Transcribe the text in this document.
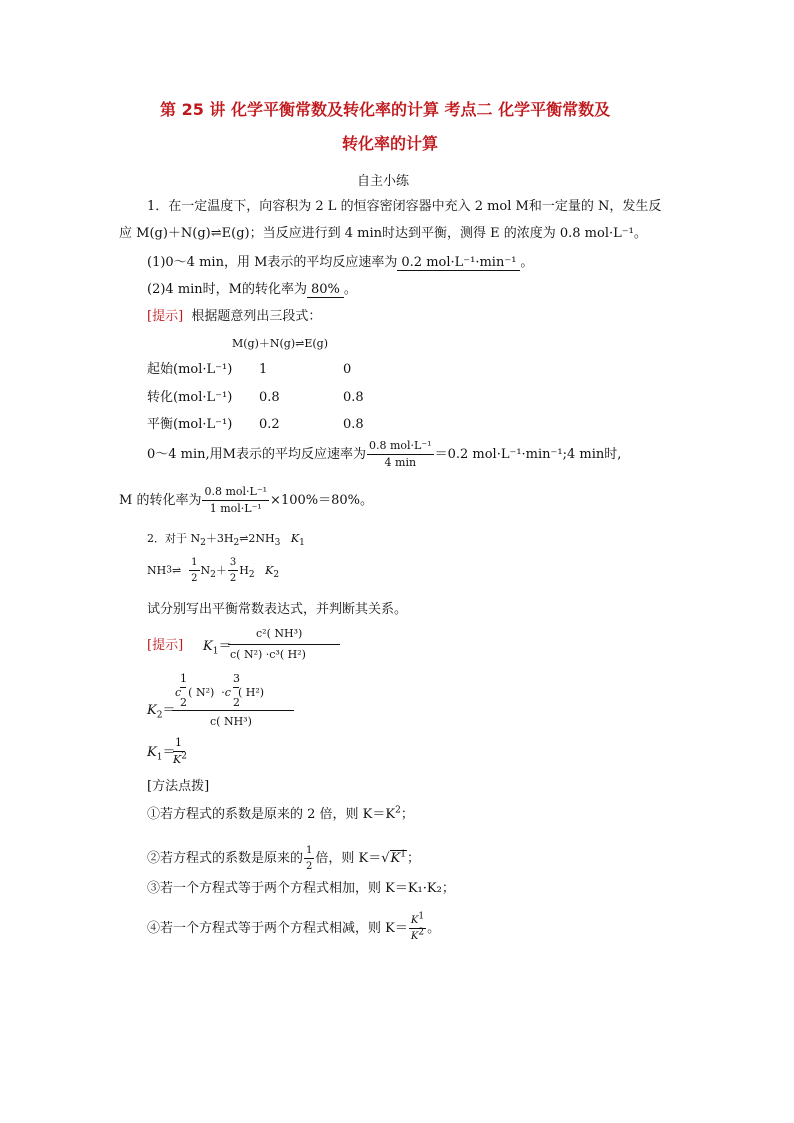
第 25 讲 化学平衡常数及转化率的计算 考点二 化学平衡常数及
转化率的计算
自主小练
1．在一定温度下，向容积为 2 L 的恒容密闭容器中充入 2 mol M和一定量的 N，发生反
应 M(g)＋N(g)⇌E(g)；当反应进行到 4 min时达到平衡，测得 E 的浓度为 0.8 mol·L⁻¹。
(1)0～4 min，用 M表示的平均反应速率为 0.2 mol·L⁻¹·min⁻¹ 。
(2)4 min时，M的转化率为 80% 。
[提示] 根据题意列出三段式：
M(g)＋N(g)⇌E(g)
起始(mol·L⁻¹) 1	0
转化(mol·L⁻¹) 0.8	0.8
平衡(mol·L⁻¹) 0.2	0.8
0～4 min,用M表示的平均反应速率为 $\frac{\text{0.8 mol·L⁻¹}}{4 \min} =0.2$ mol·L⁻¹·min⁻¹;4 min时,
M 的转化率为 $\frac{\text{0.8 mol·L⁻¹}}{\text{1 mol·L⁻¹}} \times 100\%=80\%$。
2．对于 $N_2+3H_2\rightleftharpoons 2NH_3$ $K_1$
NH3⇌ $\frac{1}{2} N_2+ \frac{3}{2} H_2$ $K_2$
试分别写出平衡常数表达式，并判断其关系。
[提示] $K_1=$
c²( NH³)
c( N²) ·c³( H²)
1	3
c  ( N²)  ·c  ( H²)
2	2
$K_2=$
c( NH³)
$K_1=$
1
$K^2$
[方法点拨]
①若方程式的系数是原来的 2 倍，则 $K=K^2$；
②若方程式的系数是原来的 $\frac{1}{2}$ 倍，则 $K=√K^1$；
③若一个方程式等于两个方程式相加，则 K＝K₁·K₂；
④若一个方程式等于两个方程式相减，则 $K= \frac{K^1}{K^2}$ 。
